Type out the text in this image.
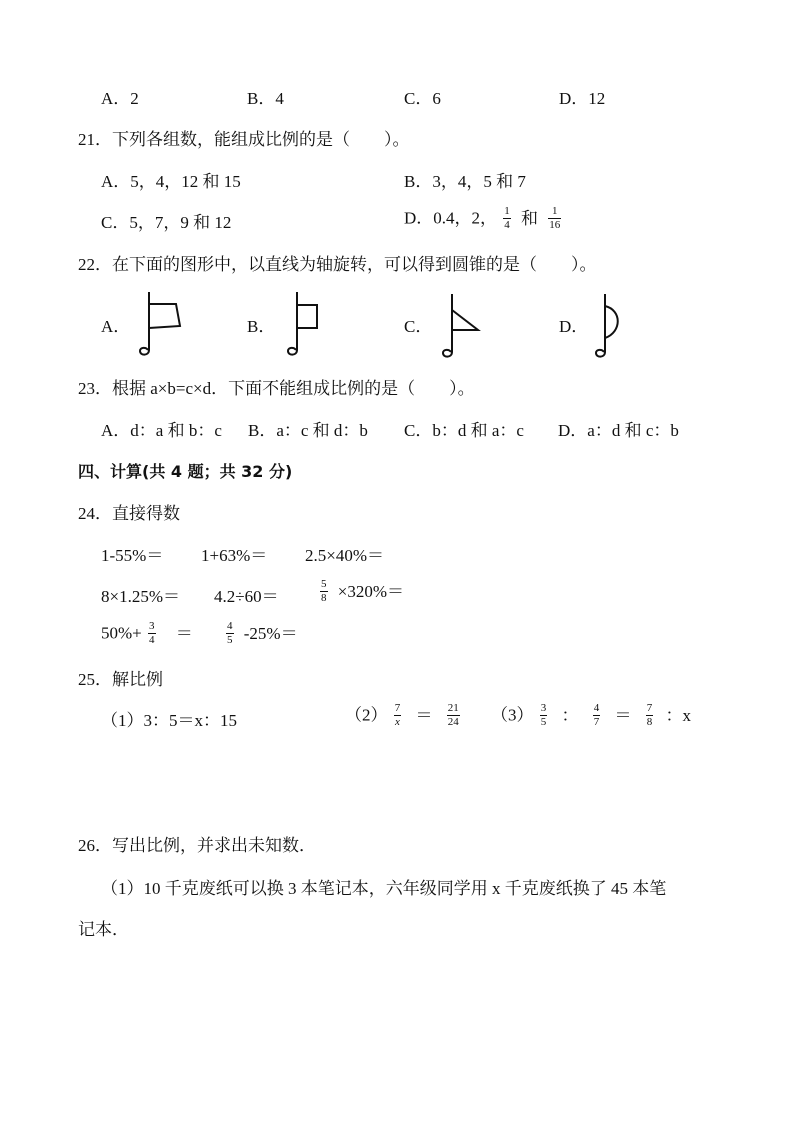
A．2	B．4	C．6	D．12
21．下列各组数，能组成比例的是（　　）。
A．5，4，12 和 15	B．3，4，5 和 7
C．5，7，9 和 12	D．0.4，2， $\frac{1}{4}$ 和 $\frac{1}{16}$
22．在下面的图形中，以直线为轴旋转，可以得到圆锥的是（　　）。
A．	B．	C．	D．
23．根据 a×b=c×d．下面不能组成比例的是（　　）。
A．d：a 和 b：c B．a：c 和 d：b C．b：d 和 a：c D．a：d 和 c：b
四、计算(共 4 题；共 32 分)
24．直接得数
1-55%＝ 1+63%＝ 2.5×40%＝
8×1.25%＝ 4.2÷60＝	$\frac{5}{8} \times 320\%=$
$50\%+ \frac{3}{4}$ ＝	$\frac{4}{5} -25\%=$
25．解比例
（1）3：5＝x：15	$(2) \frac{7}{x} = \frac{21}{24} (3) \frac{3}{5}$ ： $\frac{4}{7} = \frac{7}{8}$ ：x
26．写出比例，并求出未知数．
（1）10 千克废纸可以换 3 本笔记本，六年级同学用 x 千克废纸换了 45 本笔
记本．
